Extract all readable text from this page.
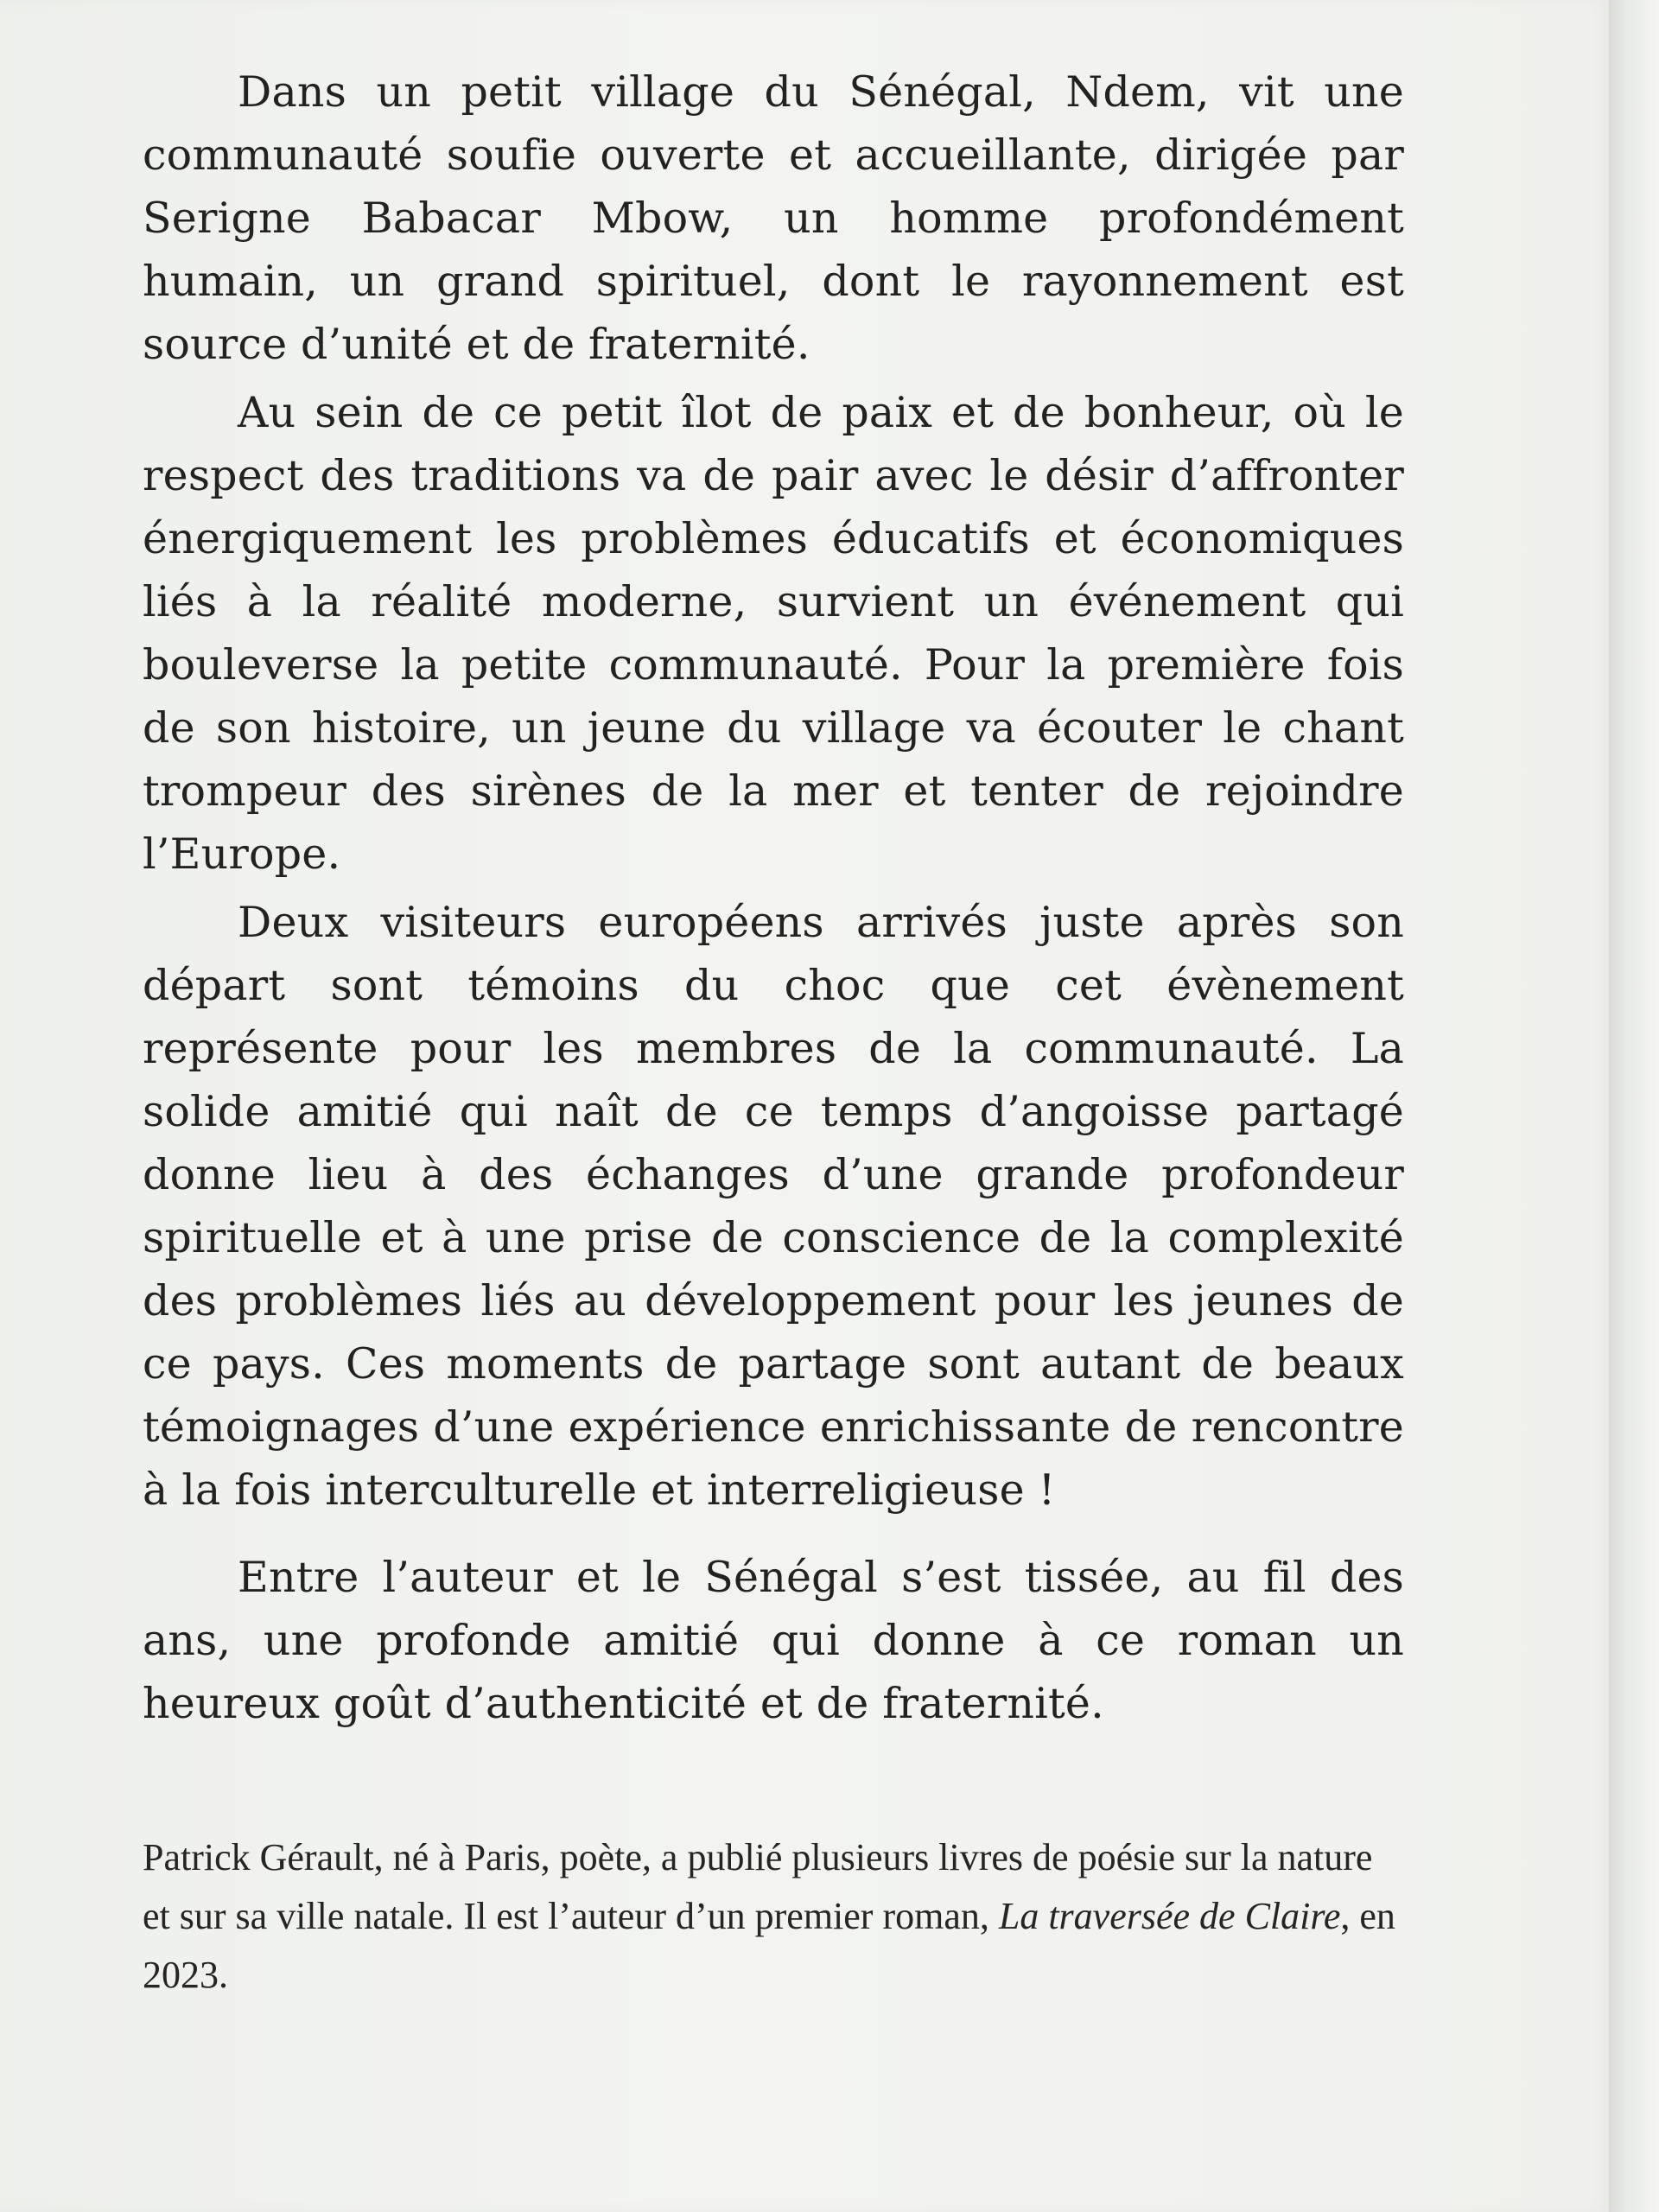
Dans un petit village du Sénégal, Ndem, vit une communauté soufie ouverte et accueillante, dirigée par Serigne Babacar Mbow, un homme profondément humain, un grand spirituel, dont le rayonnement est source d’unité et de fraternité.

Au sein de ce petit îlot de paix et de bonheur, où le respect des traditions va de pair avec le désir d’affronter énergiquement les problèmes éducatifs et économiques liés à la réalité moderne, survient un événement qui bouleverse la petite communauté. Pour la première fois de son histoire, un jeune du village va écouter le chant trompeur des sirènes de la mer et tenter de rejoindre l’Europe.

Deux visiteurs européens arrivés juste après son départ sont témoins du choc que cet évènement représente pour les membres de la communauté. La solide amitié qui naît de ce temps d’angoisse partagé donne lieu à des échanges d’une grande profondeur spirituelle et à une prise de conscience de la complexité des problèmes liés au développement pour les jeunes de ce pays. Ces moments de partage sont autant de beaux témoignages d’une expérience enrichissante de rencontre à la fois interculturelle et interreligieuse !

Entre l’auteur et le Sénégal s’est tissée, au fil des ans, une profonde amitié qui donne à ce roman un heureux goût d’authenticité et de fraternité.

Patrick Gérault, né à Paris, poète, a publié plusieurs livres de poésie sur la nature et sur sa ville natale. Il est l’auteur d’un premier roman, La traversée de Claire, en 2023.
